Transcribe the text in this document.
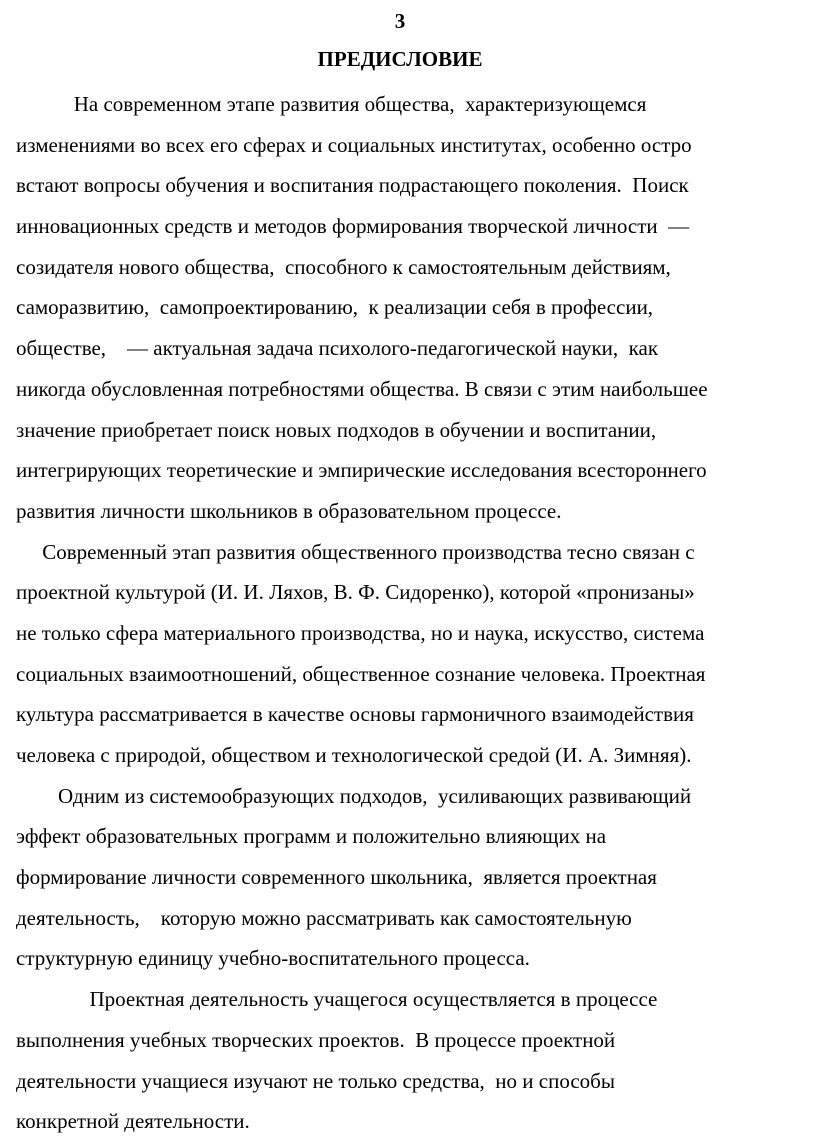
3
ПРЕДИСЛОВИЕ
На современном этапе развития общества,  характеризующемся
изменениями во всех его сферах и социальных институтах, особенно остро
встают вопросы обучения и воспитания подрастающего поколения.  Поиск
инновационных средств и методов формирования творческой личности  —
созидателя нового общества,  способного к самостоятельным действиям,
саморазвитию,  самопроектированию,  к реализации себя в профессии,
обществе,    — актуальная задача психолого-педагогической науки,  как
никогда обусловленная потребностями общества. В связи с этим наибольшее
значение приобретает поиск новых подходов в обучении и воспитании,
интегрирующих теоретические и эмпирические исследования всестороннего
развития личности школьников в образовательном процессе.
Современный этап развития общественного производства тесно связан с
проектной культурой (И. И. Ляхов, В. Ф. Сидоренко), которой «пронизаны»
не только сфера материального производства, но и наука, искусство, система
социальных взаимоотношений, общественное сознание человека. Проектная
культура рассматривается в качестве основы гармоничного взаимодействия
человека с природой, обществом и технологической средой (И. А. Зимняя).
Одним из системообразующих подходов,  усиливающих развивающий
эффект образовательных программ и положительно влияющих на
формирование личности современного школьника,  является проектная
деятельность,    которую можно рассматривать как самостоятельную
структурную единицу учебно-воспитательного процесса.
Проектная деятельность учащегося осуществляется в процессе
выполнения учебных творческих проектов.  В процессе проектной
деятельности учащиеся изучают не только средства,  но и способы
конкретной деятельности.
